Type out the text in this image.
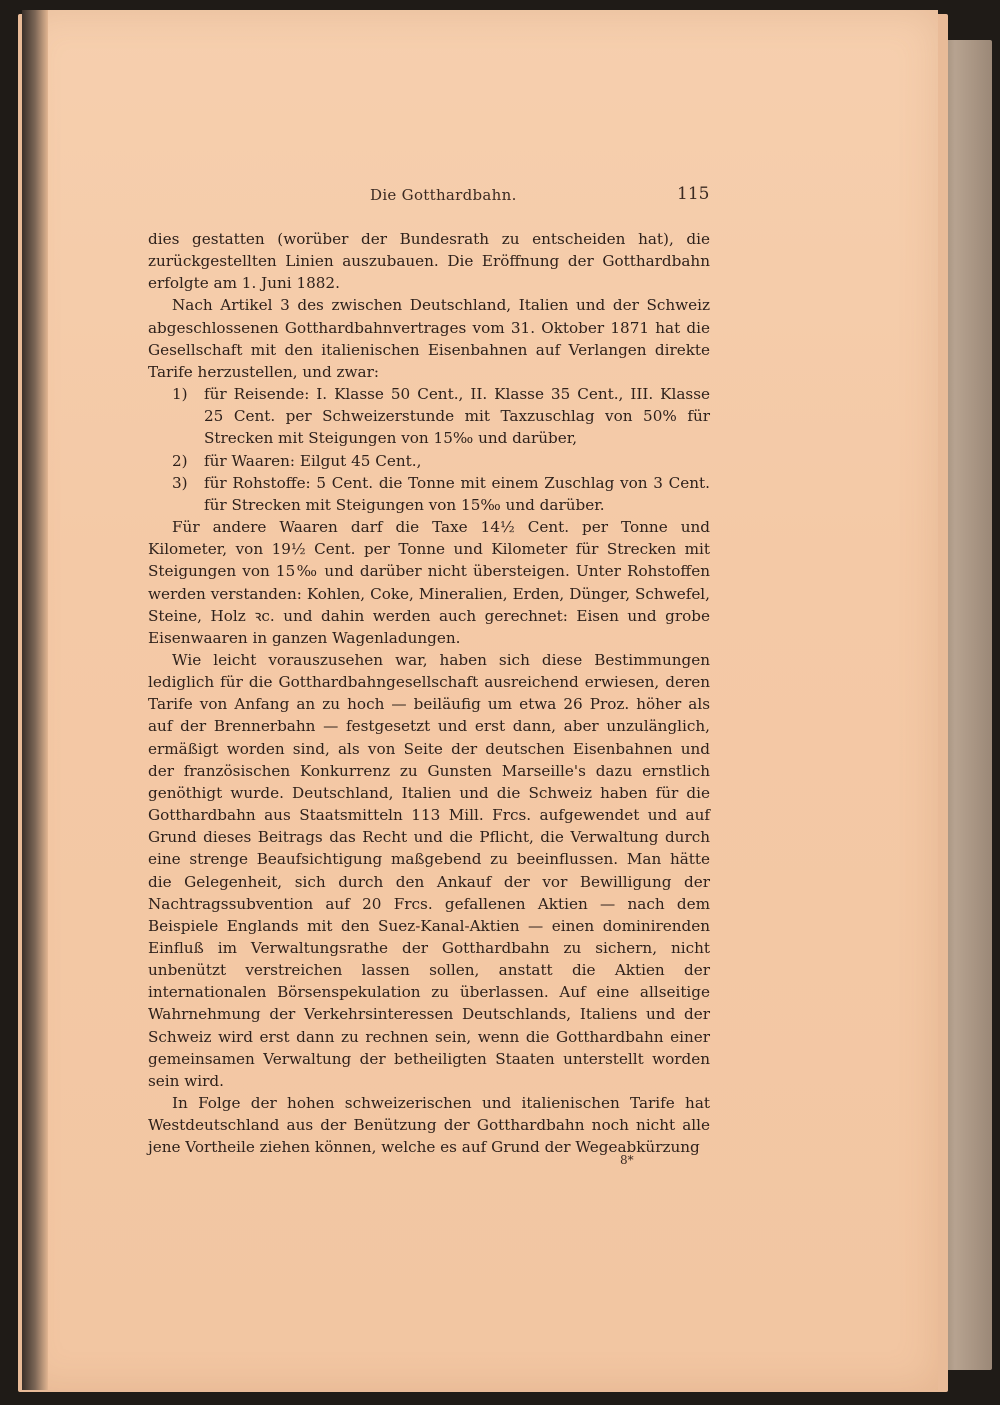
Die Gotthardbahn.	115

dies gestatten (worüber der Bundesrath zu entscheiden hat), die zurückgestellten Linien auszubauen. Die Eröffnung der Gotthardbahn erfolgte am 1. Juni 1882.

Nach Artikel 3 des zwischen Deutschland, Italien und der Schweiz abgeschlossenen Gotthardbahnvertrages vom 31. Oktober 1871 hat die Gesellschaft mit den italienischen Eisenbahnen auf Verlangen direkte Tarife herzustellen, und zwar:

1) für Reisende: I. Klasse 50 Cent., II. Klasse 35 Cent., III. Klasse 25 Cent. per Schweizerstunde mit Taxzuschlag von 50% für Strecken mit Steigungen von 15‰ und darüber,
2) für Waaren: Eilgut 45 Cent.,
3) für Rohstoffe: 5 Cent. die Tonne mit einem Zuschlag von 3 Cent. für Strecken mit Steigungen von 15‰ und darüber.

Für andere Waaren darf die Taxe 14½ Cent. per Tonne und Kilometer, von 19½ Cent. per Tonne und Kilometer für Strecken mit Steigungen von 15‰ und darüber nicht übersteigen. Unter Rohstoffen werden verstanden: Kohlen, Coke, Mineralien, Erden, Dünger, Schwefel, Steine, Holz ꝛc. und dahin werden auch gerechnet: Eisen und grobe Eisenwaaren in ganzen Wagenladungen.

Wie leicht vorauszusehen war, haben sich diese Bestimmungen lediglich für die Gotthardbahngesellschaft ausreichend erwiesen, deren Tarife von Anfang an zu hoch — beiläufig um etwa 26 Proz. höher als auf der Brennerbahn — festgesetzt und erst dann, aber unzulänglich, ermäßigt worden sind, als von Seite der deutschen Eisenbahnen und der französischen Konkurrenz zu Gunsten Marseille's dazu ernstlich genöthigt wurde. Deutschland, Italien und die Schweiz haben für die Gotthardbahn aus Staatsmitteln 113 Mill. Frcs. aufgewendet und auf Grund dieses Beitrags das Recht und die Pflicht, die Verwaltung durch eine strenge Beaufsichtigung maßgebend zu beeinflussen. Man hätte die Gelegenheit, sich durch den Ankauf der vor Bewilligung der Nachtragssubvention auf 20 Frcs. gefallenen Aktien — nach dem Beispiele Englands mit den Suez-Kanal-Aktien — einen dominirenden Einfluß im Verwaltungsrathe der Gotthardbahn zu sichern, nicht unbenützt verstreichen lassen sollen, anstatt die Aktien der internationalen Börsenspekulation zu überlassen. Auf eine allseitige Wahrnehmung der Verkehrsinteressen Deutschlands, Italiens und der Schweiz wird erst dann zu rechnen sein, wenn die Gotthardbahn einer gemeinsamen Verwaltung der betheiligten Staaten unterstellt worden sein wird.

In Folge der hohen schweizerischen und italienischen Tarife hat Westdeutschland aus der Benützung der Gotthardbahn noch nicht alle jene Vortheile ziehen können, welche es auf Grund der Wegeabkürzung

8*
